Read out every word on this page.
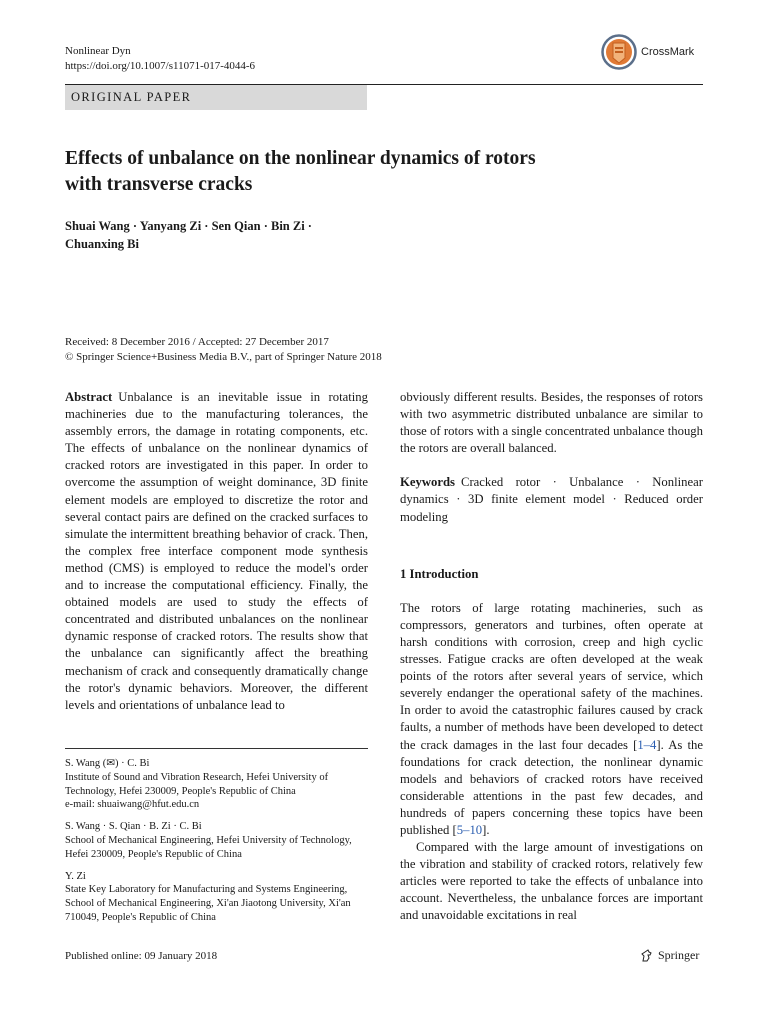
Nonlinear Dyn
https://doi.org/10.1007/s11071-017-4044-6
CrossMark
ORIGINAL PAPER
Effects of unbalance on the nonlinear dynamics of rotors
with transverse cracks
Shuai Wang · Yanyang Zi · Sen Qian · Bin Zi ·
Chuanxing Bi
Received: 8 December 2016 / Accepted: 27 December 2017
© Springer Science+Business Media B.V., part of Springer Nature 2018

Abstract Unbalance is an inevitable issue in rotating machineries due to the manufacturing tolerances, the assembly errors, the damage in rotating components, etc. The effects of unbalance on the nonlinear dynamics of cracked rotors are investigated in this paper. In order to overcome the assumption of weight dominance, 3D finite element models are employed to discretize the rotor and several contact pairs are defined on the cracked surfaces to simulate the intermittent breathing behavior of crack. Then, the complex free interface component mode synthesis method (CMS) is employed to reduce the model's order and to increase the computational efficiency. Finally, the obtained models are used to study the effects of concentrated and distributed unbalances on the nonlinear dynamic response of cracked rotors. The results show that the unbalance can significantly affect the breathing mechanism of crack and consequently dramatically change the rotor's dynamic behaviors. Moreover, the different levels and orientations of unbalance lead to

S. Wang (✉) · C. Bi
Institute of Sound and Vibration Research, Hefei University of Technology, Hefei 230009, People's Republic of China
e-mail: shuaiwang@hfut.edu.cn
S. Wang · S. Qian · B. Zi · C. Bi
School of Mechanical Engineering, Hefei University of Technology, Hefei 230009, People's Republic of China
Y. Zi
State Key Laboratory for Manufacturing and Systems Engineering, School of Mechanical Engineering, Xi'an Jiaotong University, Xi'an 710049, People's Republic of China

obviously different results. Besides, the responses of rotors with two asymmetric distributed unbalance are similar to those of rotors with a single concentrated unbalance though the rotors are overall balanced.

Keywords Cracked rotor · Unbalance · Nonlinear dynamics · 3D finite element model · Reduced order modeling

1 Introduction

The rotors of large rotating machineries, such as compressors, generators and turbines, often operate at harsh conditions with corrosion, creep and high cyclic stresses. Fatigue cracks are often developed at the weak points of the rotors after several years of service, which severely endanger the operational safety of the machines. In order to avoid the catastrophic failures caused by crack faults, a number of methods have been developed to detect the crack damages in the last four decades [1–4]. As the foundations for crack detection, the nonlinear dynamic models and behaviors of cracked rotors have received considerable attentions in the past few decades, and hundreds of papers concerning these topics have been published [5–10].

Compared with the large amount of investigations on the vibration and stability of cracked rotors, relatively few articles were reported to take the effects of unbalance into account. Nevertheless, the unbalance forces are important and unavoidable excitations in real

Published online: 09 January 2018	Springer
